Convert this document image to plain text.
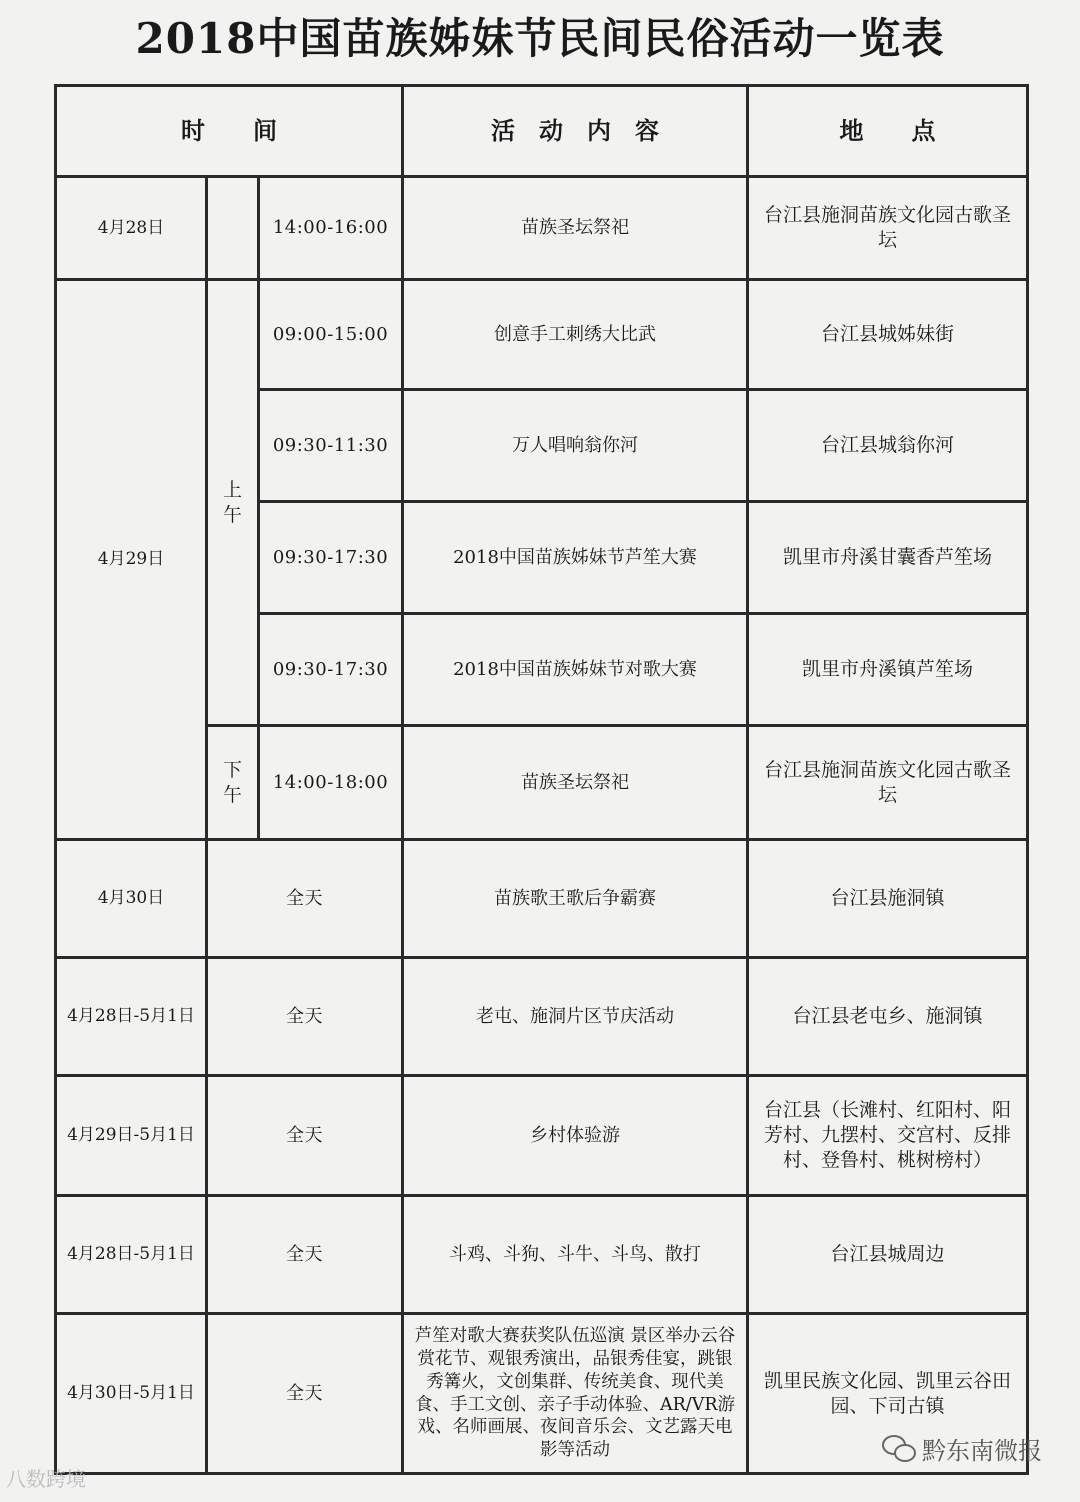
2018中国苗族姊妹节民间民俗活动一览表
时　　间			活　动　内　容	地　　点
4月28日		14:00-16:00	苗族圣坛祭祀	台江县施洞苗族文化园古歌圣坛
4月29日	上午	09:00-15:00	创意手工刺绣大比武	台江县城姊妹街
		09:30-11:30	万人唱响翁你河	台江县城翁你河
		09:30-17:30	2018中国苗族姊妹节芦笙大赛	凯里市舟溪甘囊香芦笙场
		09:30-17:30	2018中国苗族姊妹节对歌大赛	凯里市舟溪镇芦笙场
	下午	14:00-18:00	苗族圣坛祭祀	台江县施洞苗族文化园古歌圣坛
4月30日	全天		苗族歌王歌后争霸赛	台江县施洞镇
4月28日-5月1日	全天		老屯、施洞片区节庆活动	台江县老屯乡、施洞镇
4月29日-5月1日	全天		乡村体验游	台江县（长滩村、红阳村、阳芳村、九摆村、交宫村、反排村、登鲁村、桃树榜村）
4月28日-5月1日	全天		斗鸡、斗狗、斗牛、斗鸟、散打	台江县城周边
4月30日-5月1日	全天		芦笙对歌大赛获奖队伍巡演 景区举办云谷赏花节、观银秀演出，品银秀佳宴，跳银秀篝火，文创集群、传统美食、现代美食、手工文创、亲子手动体验、AR/VR游戏、名师画展、夜间音乐会、文艺露天电影等活动	凯里民族文化园、凯里云谷田园、下司古镇
八数跨境
黔东南微报
